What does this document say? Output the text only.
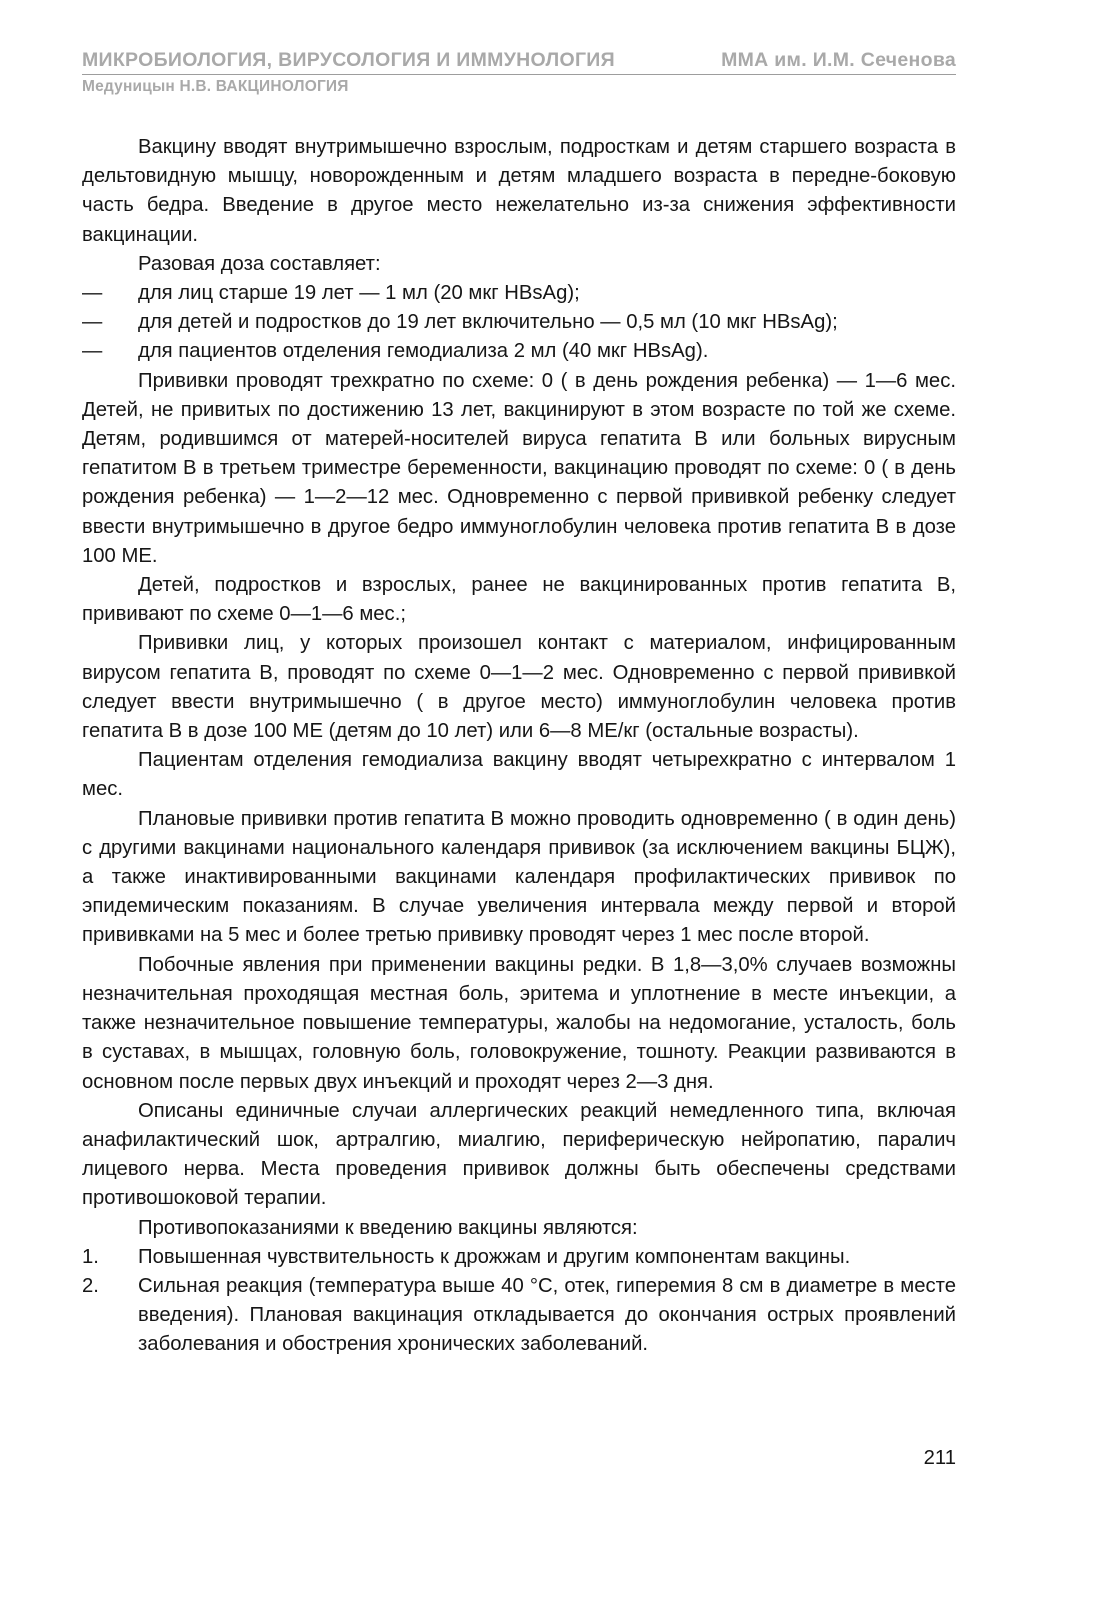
МИКРОБИОЛОГИЯ, ВИРУСОЛОГИЯ И ИММУНОЛОГИЯ	ММА им. И.М. Сеченова
Медуницын Н.В. ВАКЦИНОЛОГИЯ

Вакцину вводят внутримышечно взрослым, подросткам и детям старшего возраста в дельтовидную мышцу, новорожденным и детям младшего возраста в передне-боковую часть бедра. Введение в другое место нежелательно из-за снижения эффективности вакцинации.

Разовая доза составляет:

—	для лиц старше 19 лет — 1 мл (20 мкг HBsAg);
—	для детей и подростков до 19 лет включительно — 0,5 мл (10 мкг HBsAg);
—	для пациентов отделения гемодиализа 2 мл (40 мкг HBsAg).

Прививки проводят трехкратно по схеме: 0 ( в день рождения ребенка) — 1—6 мес. Детей, не привитых по достижению 13 лет, вакцинируют в этом возрасте по той же схеме. Детям, родившимся от матерей-носителей вируса гепатита В или больных вирусным гепатитом В в третьем триместре беременности, вакцинацию проводят по схеме: 0 ( в день рождения ребенка) — 1—2—12 мес. Одновременно с первой прививкой ребенку следует ввести внутримышечно в другое бедро иммуноглобулин человека против гепатита В в дозе 100 МЕ.

Детей, подростков и взрослых, ранее не вакцинированных против гепатита В, прививают по схеме 0—1—6 мес.;

Прививки лиц, у которых произошел контакт с материалом, инфицированным вирусом гепатита В, проводят по схеме 0—1—2 мес. Одновременно с первой прививкой следует ввести внутримышечно ( в другое место) иммуноглобулин человека против гепатита В в дозе 100 МЕ (детям до 10 лет) или 6—8 МЕ/кг (остальные возрасты).

Пациентам отделения гемодиализа вакцину вводят четырехкратно с интервалом 1 мес.

Плановые прививки против гепатита В можно проводить одновременно ( в один день) с другими вакцинами национального календаря прививок (за исключением вакцины БЦЖ), а также инактивированными вакцинами календаря профилактических прививок по эпидемическим показаниям. В случае увеличения интервала между первой и второй прививками на 5 мес и более третью прививку проводят через 1 мес после второй.

Побочные явления при применении вакцины редки. В 1,8—3,0% случаев возможны незначительная проходящая местная боль, эритема и уплотнение в месте инъекции, а также незначительное повышение температуры, жалобы на недомогание, усталость, боль в суставах, в мышцах, головную боль, головокружение, тошноту. Реакции развиваются в основном после первых двух инъекций и проходят через 2—3 дня.

Описаны единичные случаи аллергических реакций немедленного типа, включая анафилактический шок, артралгию, миалгию, периферическую нейропатию, паралич лицевого нерва. Места проведения прививок должны быть обеспечены средствами противошоковой терапии.

Противопоказаниями к введению вакцины являются:

1.	Повышенная чувствительность к дрожжам и другим компонентам вакцины.
2.	Сильная реакция (температура выше 40 °С, отек, гиперемия 8 см в диаметре в месте введения). Плановая вакцинация откладывается до окончания острых проявлений заболевания и обострения хронических заболеваний.
211
